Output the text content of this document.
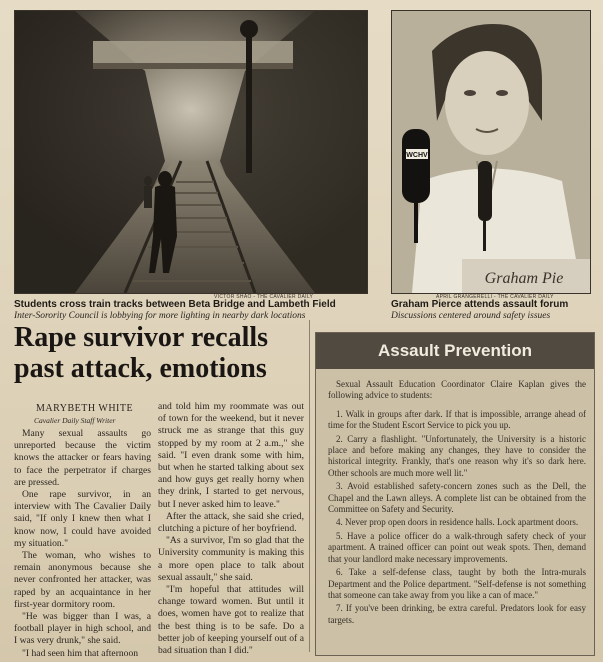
VICTOR SHAO - THE CAVALIER DAILY
Students cross train tracks between Beta Bridge and Lambeth Field
Inter-Sorority Council is lobbying for more lighting in nearby dark locations
WCHV
Graham Pie
APRIL GRANGERELLI - THE CAVALIER DAILY
Graham Pierce attends assault forum
Discussions centered around safety issues
Rape survivor recalls past attack, emotions
MARYBETH WHITE
Cavalier Daily Staff Writer

Many sexual assaults go unreported because the victim knows the attacker or fears having to face the perpetrator if charges are pressed.

One rape survivor, in an interview with The Cavalier Daily said, "If only I knew then what I know now, I could have avoided my situation."

The woman, who wishes to remain anonymous because she never confronted her attacker, was raped by an acquaintance in her first-year dormitory room.

"He was bigger than I was, a football player in high school, and I was very drunk," she said.

"I had seen him that afternoon

and told him my roommate was out of town for the weekend, but it never struck me as strange that this guy stopped by my room at 2 a.m.," she said. "I even drank some with him, but when he started talking about sex and how guys get really horny when they drink, I started to get nervous, but I never asked him to leave."

After the attack, she said she cried, clutching a picture of her boyfriend.

"As a survivor, I'm so glad that the University community is making this a more open place to talk about sexual assault," she said.

"I'm hopeful that attitudes will change toward women. But until it does, women have got to realize that the best thing is to be safe. Do a better job of keeping yourself out of a bad situation than I did."

Assault Prevention

Sexual Assault Education Coordinator Claire Kaplan gives the following advice to students:

1. Walk in groups after dark. If that is impossible, arrange ahead of time for the Student Escort Service to pick you up.

2. Carry a flashlight. "Unfortunately, the University is a historic place and before making any changes, they have to consider the historical integrity. Frankly, that's one reason why it's so dark here. Other schools are much more well lit."

3. Avoid established safety-concern zones such as the Dell, the Chapel and the Lawn alleys. A complete list can be obtained from the Committee on Safety and Security.

4. Never prop open doors in residence halls. Lock apartment doors.

5. Have a police officer do a walk-through safety check of your apartment. A trained officer can point out weak spots. Then, demand that your landlord make necessary improvements.

6. Take a self-defense class, taught by both the Intra-murals Department and the Police department. "Self-defense is not something that someone can take away from you like a can of mace."

7. If you've been drinking, be extra careful. Predators look for easy targets.
